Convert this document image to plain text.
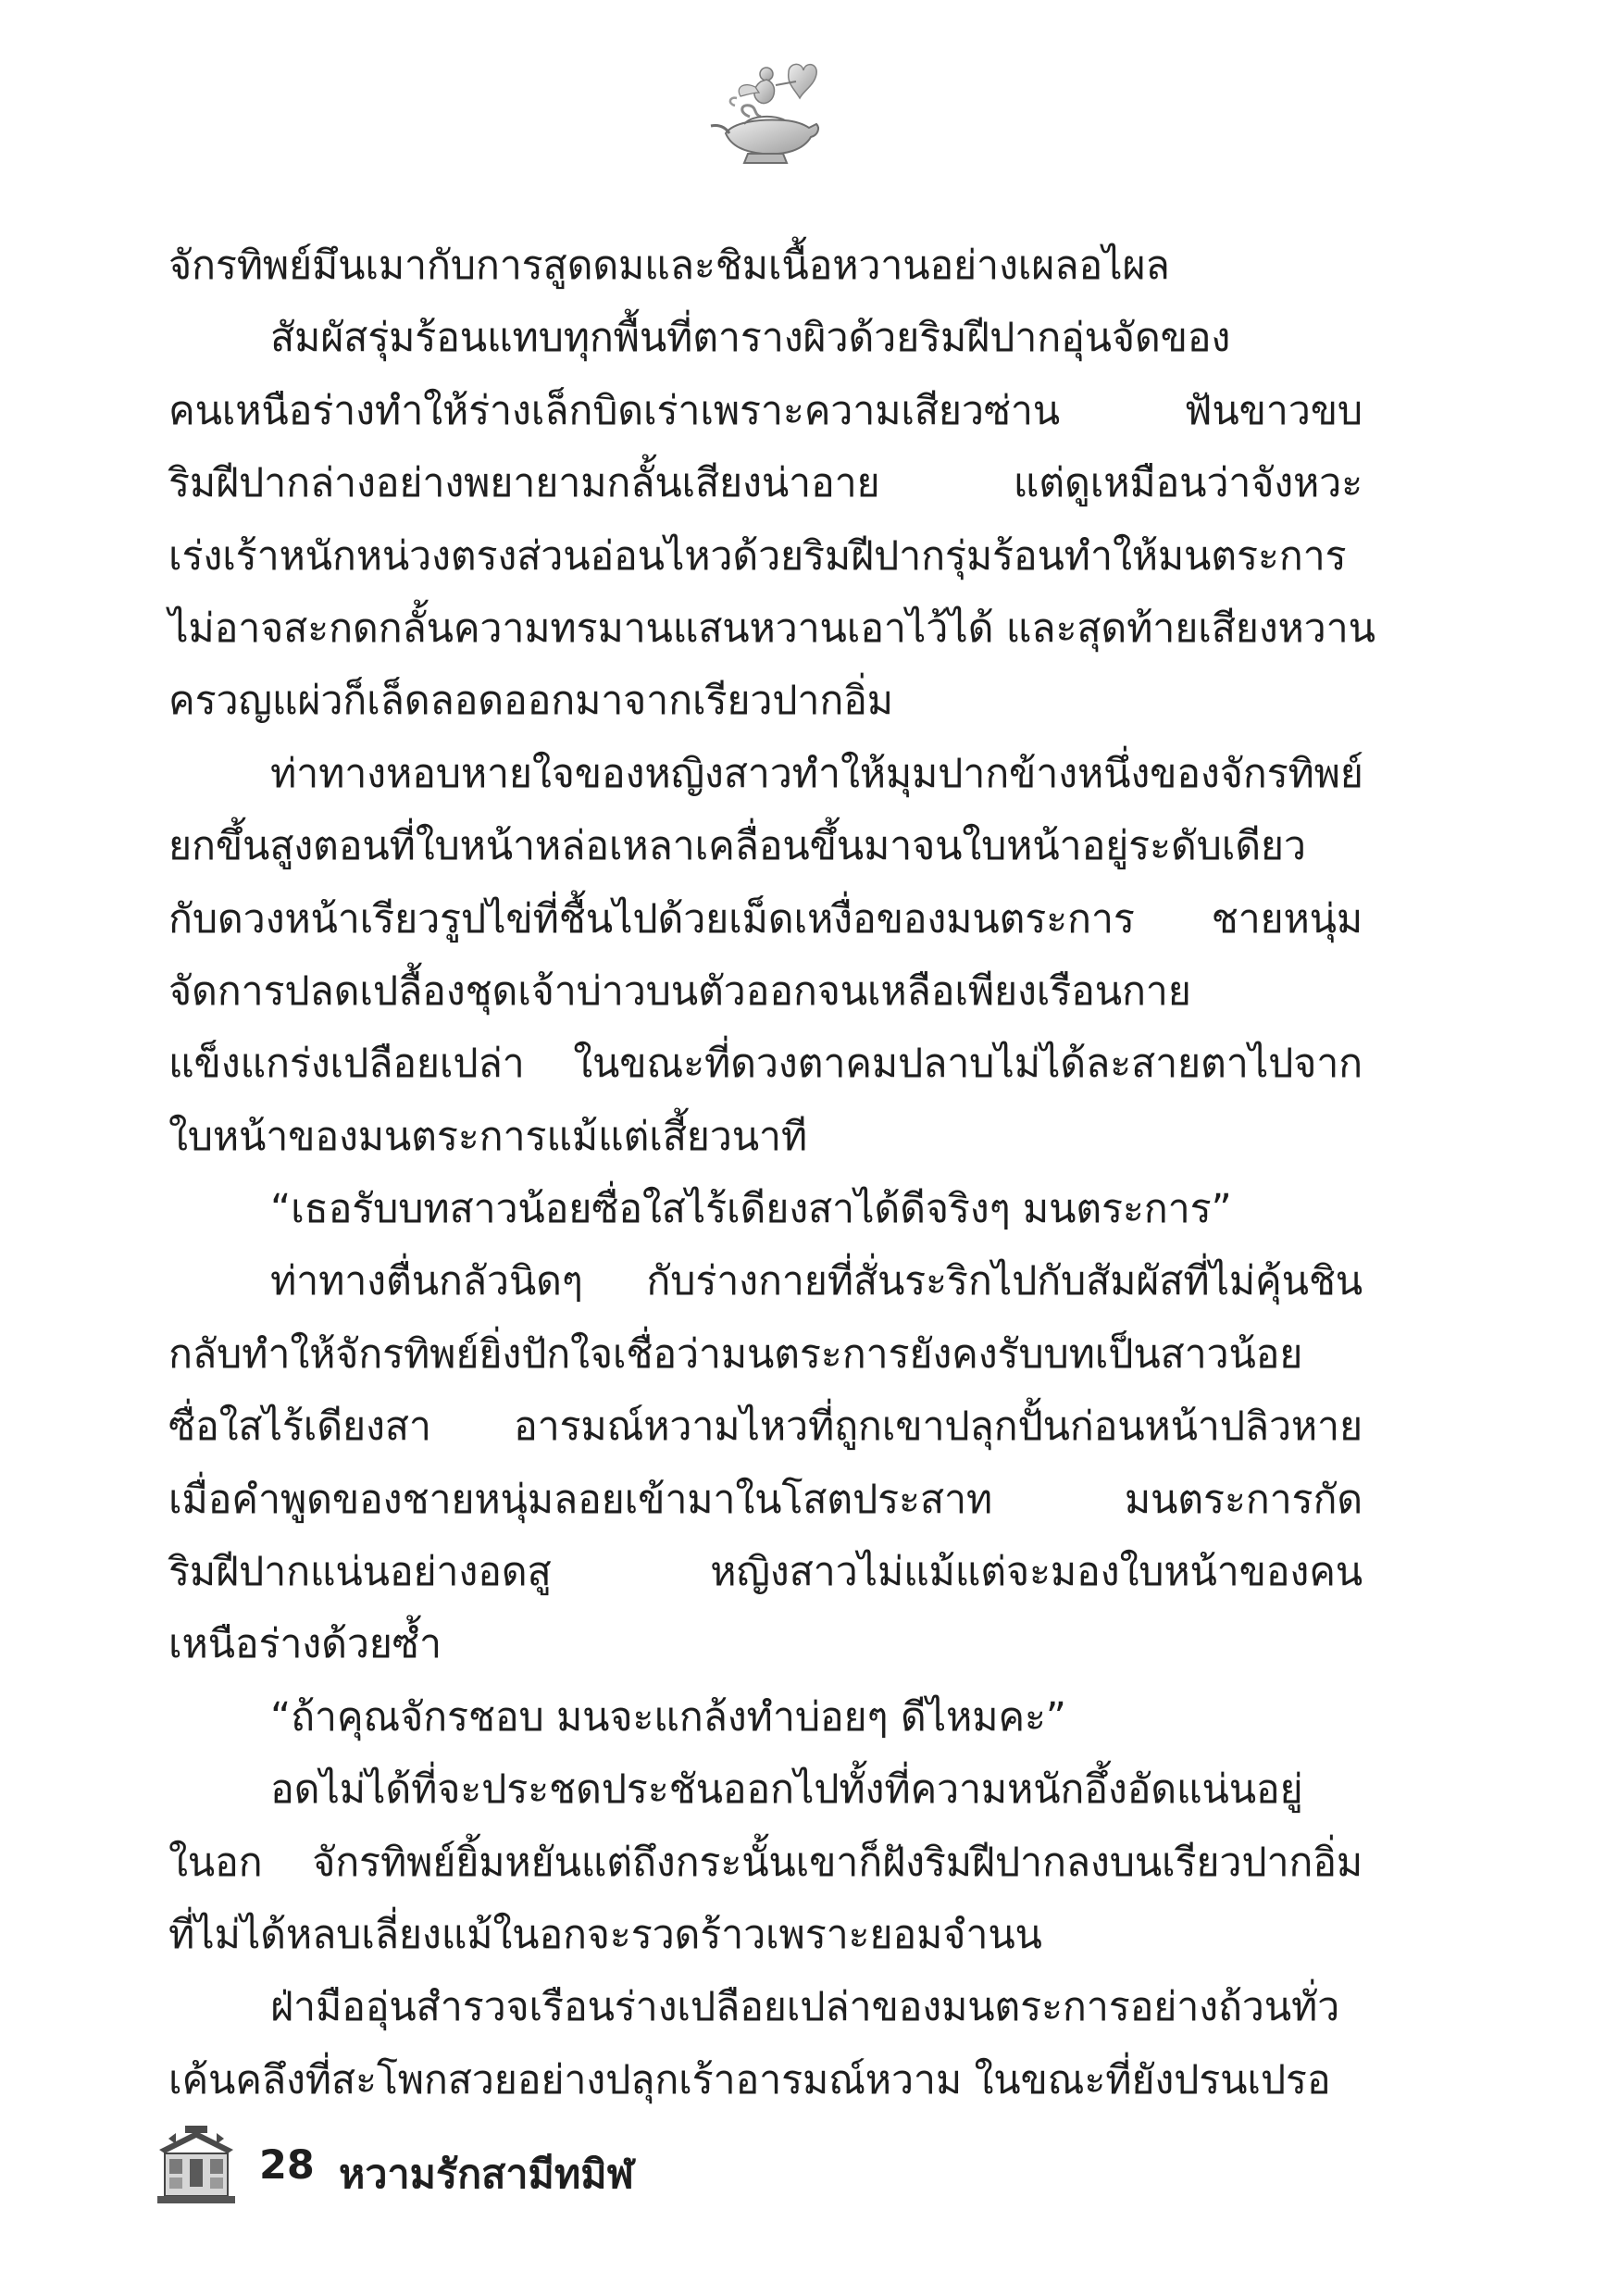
จักรทิพย์มึนเมากับการสูดดมและชิมเนื้อหวานอย่างเผลอไผล
สัมผัสรุ่มร้อนแทบทุกพื้นที่ตารางผิวด้วยริมฝีปากอุ่นจัดของ
คนเหนือร่างทำให้ร่างเล็กบิดเร่าเพราะความเสียวซ่าน ฟันขาวขบ
ริมฝีปากล่างอย่างพยายามกลั้นเสียงน่าอาย แต่ดูเหมือนว่าจังหวะ
เร่งเร้าหนักหน่วงตรงส่วนอ่อนไหวด้วยริมฝีปากรุ่มร้อนทำให้มนตระการ
ไม่อาจสะกดกลั้นความทรมานแสนหวานเอาไว้ได้ และสุดท้ายเสียงหวาน
ครวญแผ่วก็เล็ดลอดออกมาจากเรียวปากอิ่ม
ท่าทางหอบหายใจของหญิงสาวทำให้มุมปากข้างหนึ่งของจักรทิพย์
ยกขึ้นสูงตอนที่ใบหน้าหล่อเหลาเคลื่อนขึ้นมาจนใบหน้าอยู่ระดับเดียว
กับดวงหน้าเรียวรูปไข่ที่ชื้นไปด้วยเม็ดเหงื่อของมนตระการ ชายหนุ่ม
จัดการปลดเปลื้องชุดเจ้าบ่าวบนตัวออกจนเหลือเพียงเรือนกาย
แข็งแกร่งเปลือยเปล่า ในขณะที่ดวงตาคมปลาบไม่ได้ละสายตาไปจาก
ใบหน้าของมนตระการแม้แต่เสี้ยวนาที
“เธอรับบทสาวน้อยซื่อใสไร้เดียงสาได้ดีจริงๆ มนตระการ”
ท่าทางตื่นกลัวนิดๆ กับร่างกายที่สั่นระริกไปกับสัมผัสที่ไม่คุ้นชิน
กลับทำให้จักรทิพย์ยิ่งปักใจเชื่อว่ามนตระการยังคงรับบทเป็นสาวน้อย
ซื่อใสไร้เดียงสา อารมณ์หวามไหวที่ถูกเขาปลุกปั้นก่อนหน้าปลิวหาย
เมื่อคำพูดของชายหนุ่มลอยเข้ามาในโสตประสาท มนตระการกัด
ริมฝีปากแน่นอย่างอดสู หญิงสาวไม่แม้แต่จะมองใบหน้าของคน
เหนือร่างด้วยซ้ำ
“ถ้าคุณจักรชอบ มนจะแกล้งทำบ่อยๆ ดีไหมคะ”
อดไม่ได้ที่จะประชดประชันออกไปทั้งที่ความหนักอึ้งอัดแน่นอยู่
ในอก จักรทิพย์ยิ้มหยันแต่ถึงกระนั้นเขาก็ฝังริมฝีปากลงบนเรียวปากอิ่ม
ที่ไม่ได้หลบเลี่ยงแม้ในอกจะรวดร้าวเพราะยอมจำนน
ฝ่ามืออุ่นสำรวจเรือนร่างเปลือยเปล่าของมนตระการอย่างถ้วนทั่ว
เค้นคลึงที่สะโพกสวยอย่างปลุกเร้าอารมณ์หวาม ในขณะที่ยังปรนเปรอ
28 หวามรักสามีทมิฬ
